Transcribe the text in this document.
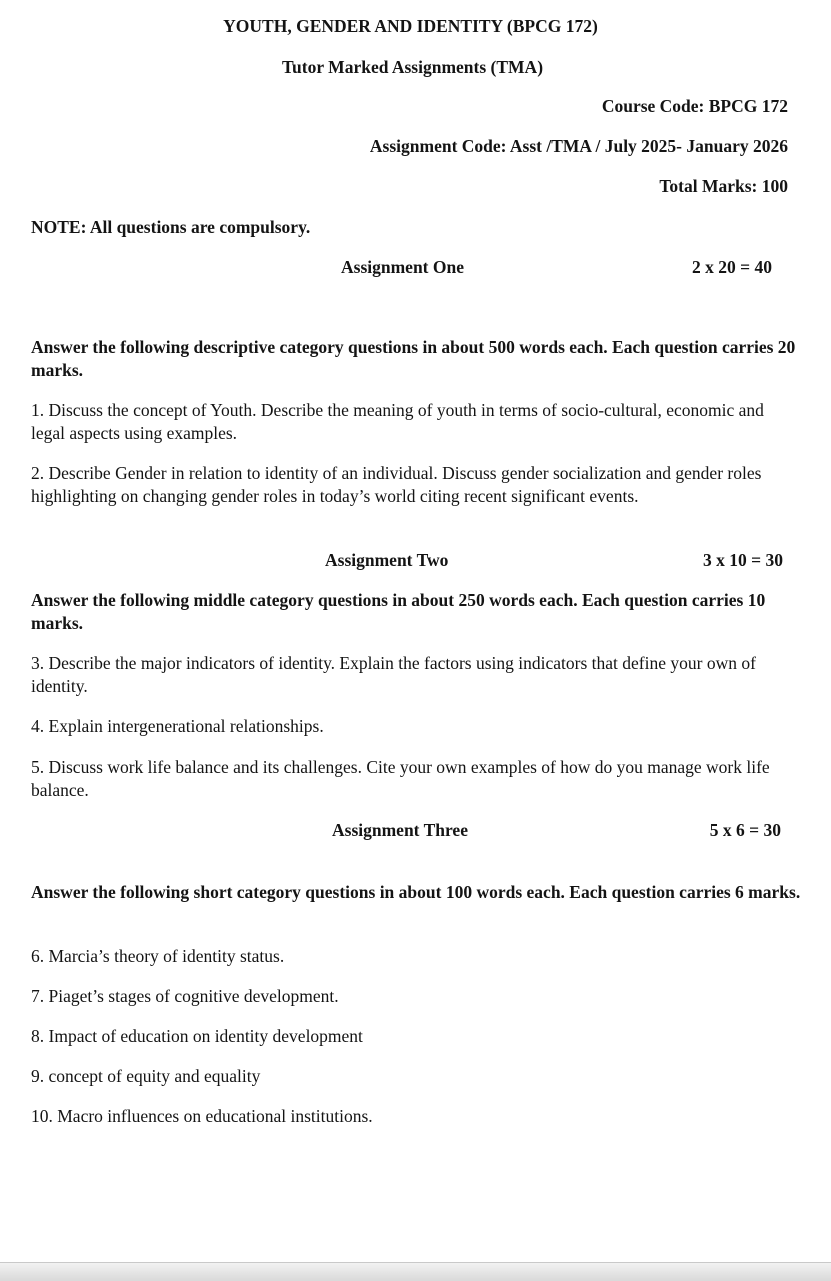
YOUTH, GENDER AND IDENTITY (BPCG 172)
Tutor Marked Assignments (TMA)
Course Code: BPCG 172
Assignment Code: Asst /TMA / July 2025- January 2026
Total Marks: 100
NOTE: All questions are compulsory.
Assignment One	2 x 20 = 40
Answer the following descriptive category questions in about 500 words each. Each question carries 20 marks.
1. Discuss the concept of Youth. Describe the meaning of youth in terms of socio-cultural, economic and legal aspects using examples.
2. Describe Gender in relation to identity of an individual. Discuss gender socialization and gender roles highlighting on changing gender roles in today’s world citing recent significant events.
Assignment Two	3 x 10 = 30
Answer the following middle category questions in about 250 words each. Each question carries 10 marks.
3. Describe the major indicators of identity. Explain the factors using indicators that define your own of identity.
4. Explain intergenerational relationships.
5. Discuss work life balance and its challenges. Cite your own examples of how do you manage work life balance.
Assignment Three	5 x 6 = 30
Answer the following short category questions in about 100 words each. Each question carries 6 marks.
6. Marcia’s theory of identity status.
7. Piaget’s stages of cognitive development.
8. Impact of education on identity development
9. concept of equity and equality
10. Macro influences on educational institutions.
